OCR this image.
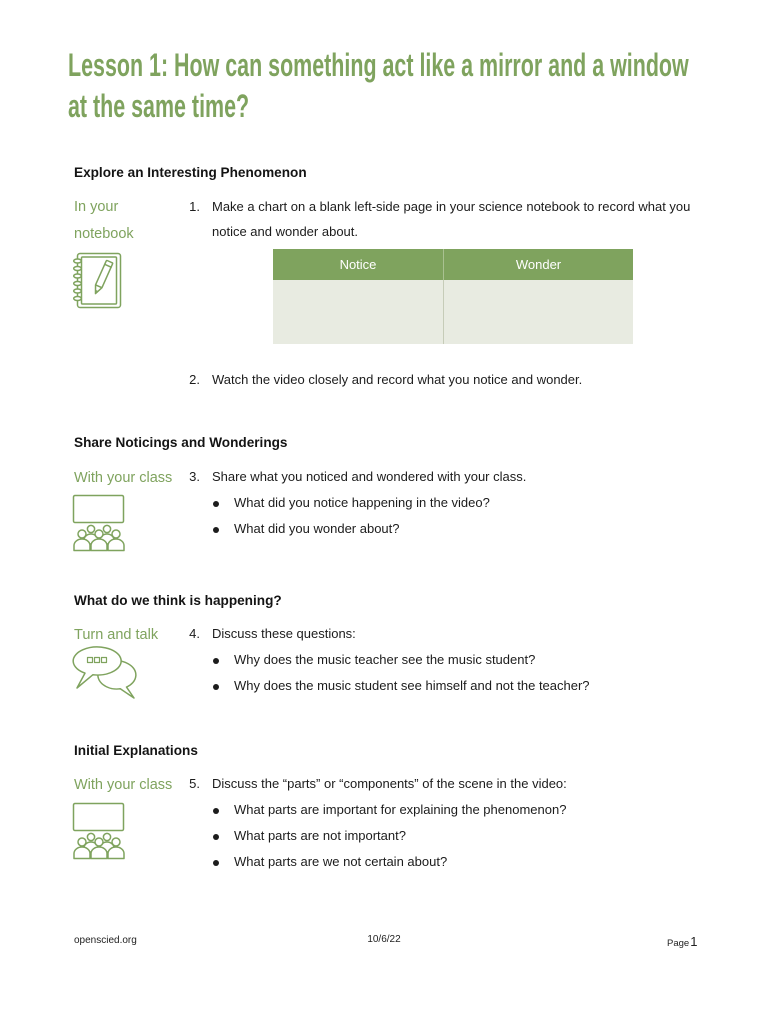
Lesson 1: How can something act like a mirror and a window at the same time?
Explore an Interesting Phenomenon
In your notebook
1. Make a chart on a blank left-side page in your science notebook to record what you notice and wonder about.
Notice	Wonder
2. Watch the video closely and record what you notice and wonder.
Share Noticings and Wonderings
With your class	3. Share what you noticed and wondered with your class.
What did you notice happening in the video?
What did you wonder about?
What do we think is happening?
Turn and talk	4. Discuss these questions:
Why does the music teacher see the music student?
Why does the music student see himself and not the teacher?
Initial Explanations
With your class	5. Discuss the “parts” or “components” of the scene in the video:
What parts are important for explaining the phenomenon?
What parts are not important?
What parts are we not certain about?
openscied.org	10/6/22	Page1
